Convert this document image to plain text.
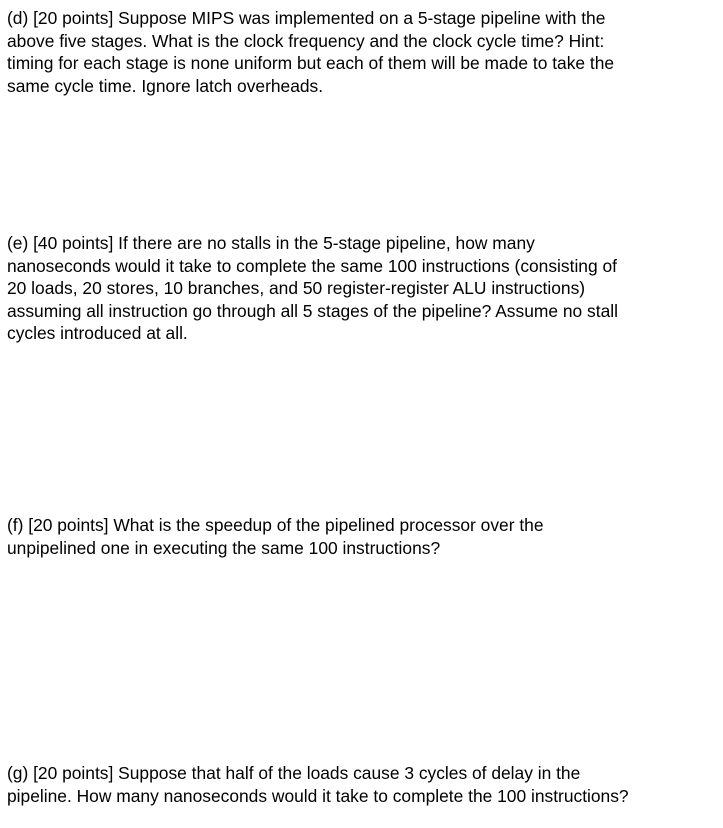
(d) [20 points] Suppose MIPS was implemented on a 5-stage pipeline with the
above five stages. What is the clock frequency and the clock cycle time? Hint:
timing for each stage is none uniform but each of them will be made to take the
same cycle time. Ignore latch overheads.

(e) [40 points] If there are no stalls in the 5-stage pipeline, how many
nanoseconds would it take to complete the same 100 instructions (consisting of
20 loads, 20 stores, 10 branches, and 50 register-register ALU instructions)
assuming all instruction go through all 5 stages of the pipeline? Assume no stall
cycles introduced at all.

(f) [20 points] What is the speedup of the pipelined processor over the
unpipelined one in executing the same 100 instructions?

(g) [20 points] Suppose that half of the loads cause 3 cycles of delay in the
pipeline. How many nanoseconds would it take to complete the 100 instructions?
